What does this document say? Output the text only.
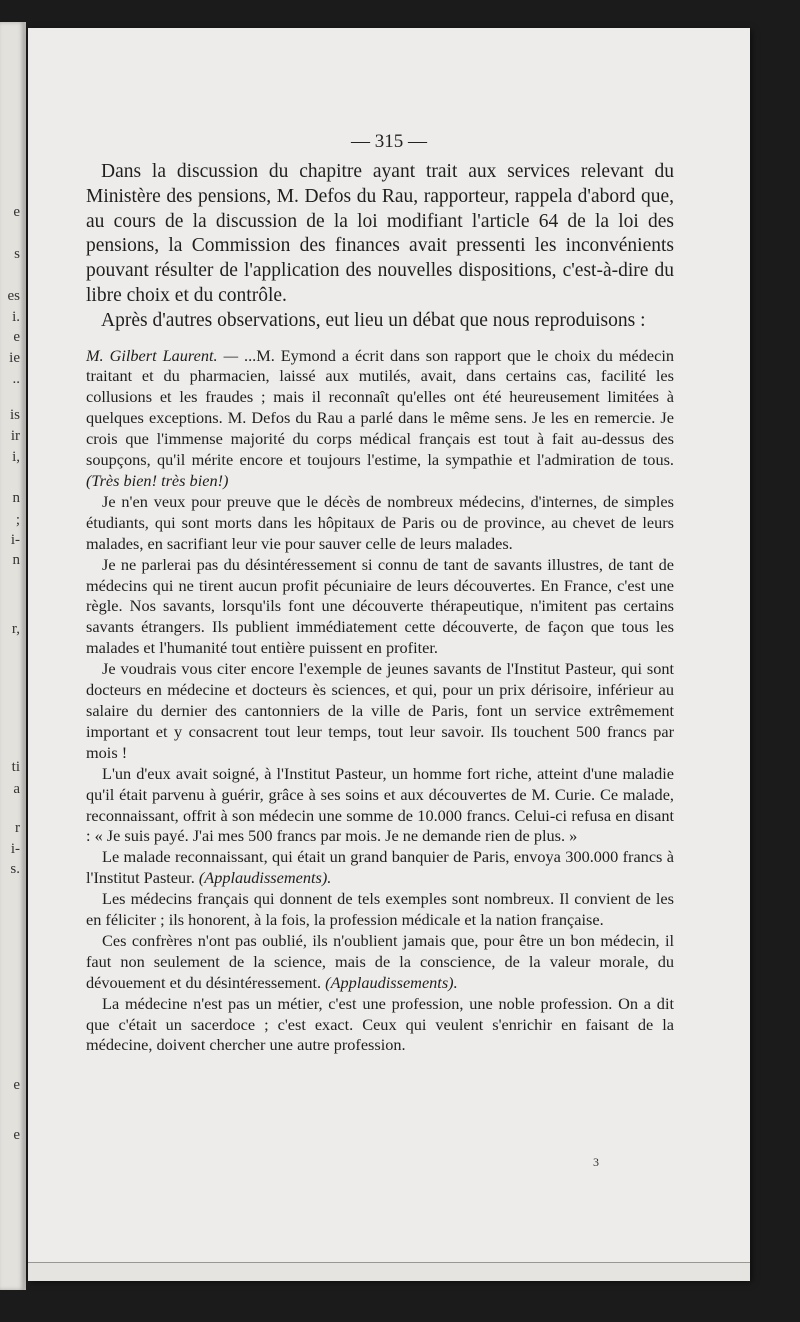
e
s
es
i.
e
ie
..
is
ir
i,
n
;
i-
n
r,
ti
a
r
i-
s.
e
e
— 315 —

Dans la discussion du chapitre ayant trait aux services relevant du Ministère des pensions, M. Defos du Rau, rapporteur, rappela d'abord que, au cours de la discussion de la loi modifiant l'article 64 de la loi des pensions, la Commission des finances avait pressenti les inconvénients pouvant résulter de l'application des nouvelles dispositions, c'est-à-dire du libre choix et du contrôle.

Après d'autres observations, eut lieu un débat que nous reproduisons :

M. Gilbert Laurent. — ...M. Eymond a écrit dans son rapport que le choix du médecin traitant et du pharmacien, laissé aux mutilés, avait, dans certains cas, facilité les collusions et les fraudes ; mais il reconnaît qu'elles ont été heureusement limitées à quelques exceptions. M. Defos du Rau a parlé dans le même sens. Je les en remercie. Je crois que l'immense majorité du corps médical français est tout à fait au-dessus des soupçons, qu'il mérite encore et toujours l'estime, la sympathie et l'admiration de tous. (Très bien! très bien!)

Je n'en veux pour preuve que le décès de nombreux médecins, d'internes, de simples étudiants, qui sont morts dans les hôpitaux de Paris ou de province, au chevet de leurs malades, en sacrifiant leur vie pour sauver celle de leurs malades.

Je ne parlerai pas du désintéressement si connu de tant de savants illustres, de tant de médecins qui ne tirent aucun profit pécuniaire de leurs découvertes. En France, c'est une règle. Nos savants, lorsqu'ils font une découverte thérapeutique, n'imitent pas certains savants étrangers. Ils publient immédiatement cette découverte, de façon que tous les malades et l'humanité tout entière puissent en profiter.

Je voudrais vous citer encore l'exemple de jeunes savants de l'Institut Pasteur, qui sont docteurs en médecine et docteurs ès sciences, et qui, pour un prix dérisoire, inférieur au salaire du dernier des cantonniers de la ville de Paris, font un service extrêmement important et y consacrent tout leur temps, tout leur savoir. Ils touchent 500 francs par mois !

L'un d'eux avait soigné, à l'Institut Pasteur, un homme fort riche, atteint d'une maladie qu'il était parvenu à guérir, grâce à ses soins et aux découvertes de M. Curie. Ce malade, reconnaissant, offrit à son médecin une somme de 10.000 francs. Celui-ci refusa en disant : « Je suis payé. J'ai mes 500 francs par mois. Je ne demande rien de plus. »

Le malade reconnaissant, qui était un grand banquier de Paris, envoya 300.000 francs à l'Institut Pasteur. (Applaudissements).

Les médecins français qui donnent de tels exemples sont nombreux. Il convient de les en féliciter ; ils honorent, à la fois, la profession médicale et la nation française.

Ces confrères n'ont pas oublié, ils n'oublient jamais que, pour être un bon médecin, il faut non seulement de la science, mais de la conscience, de la valeur morale, du dévouement et du désintéressement. (Applaudissements).

La médecine n'est pas un métier, c'est une profession, une noble profession. On a dit que c'était un sacerdoce ; c'est exact. Ceux qui veulent s'enrichir en faisant de la médecine, doivent chercher une autre profession.

3
